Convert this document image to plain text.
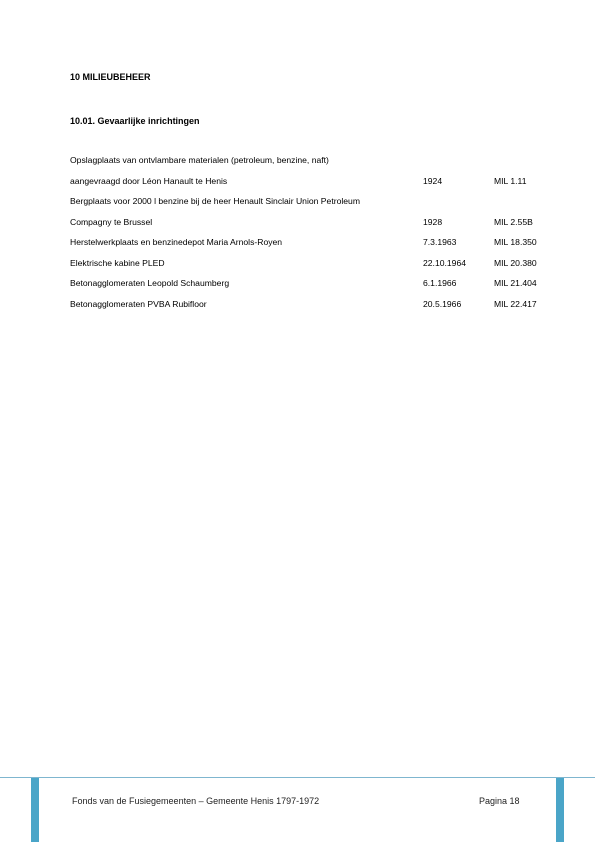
10 MILIEUBEHEER
10.01. Gevaarlijke inrichtingen
Opslagplaats van ontvlambare materialen (petroleum, benzine, naft)
aangevraagd door Léon Hanault te Henis	1924	MIL 1.11
Bergplaats voor 2000 l benzine bij de heer Henault Sinclair Union Petroleum
Compagny te Brussel	1928	MIL 2.55B
Herstelwerkplaats en benzinedepot Maria Arnols-Royen	7.3.1963	MIL 18.350
Elektrische kabine PLED	22.10.1964	MIL 20.380
Betonagglomeraten Leopold Schaumberg	6.1.1966	MIL 21.404
Betonagglomeraten PVBA Rubifloor	20.5.1966	MIL 22.417
Fonds van de Fusiegemeenten – Gemeente Henis 1797-1972	Pagina 18
